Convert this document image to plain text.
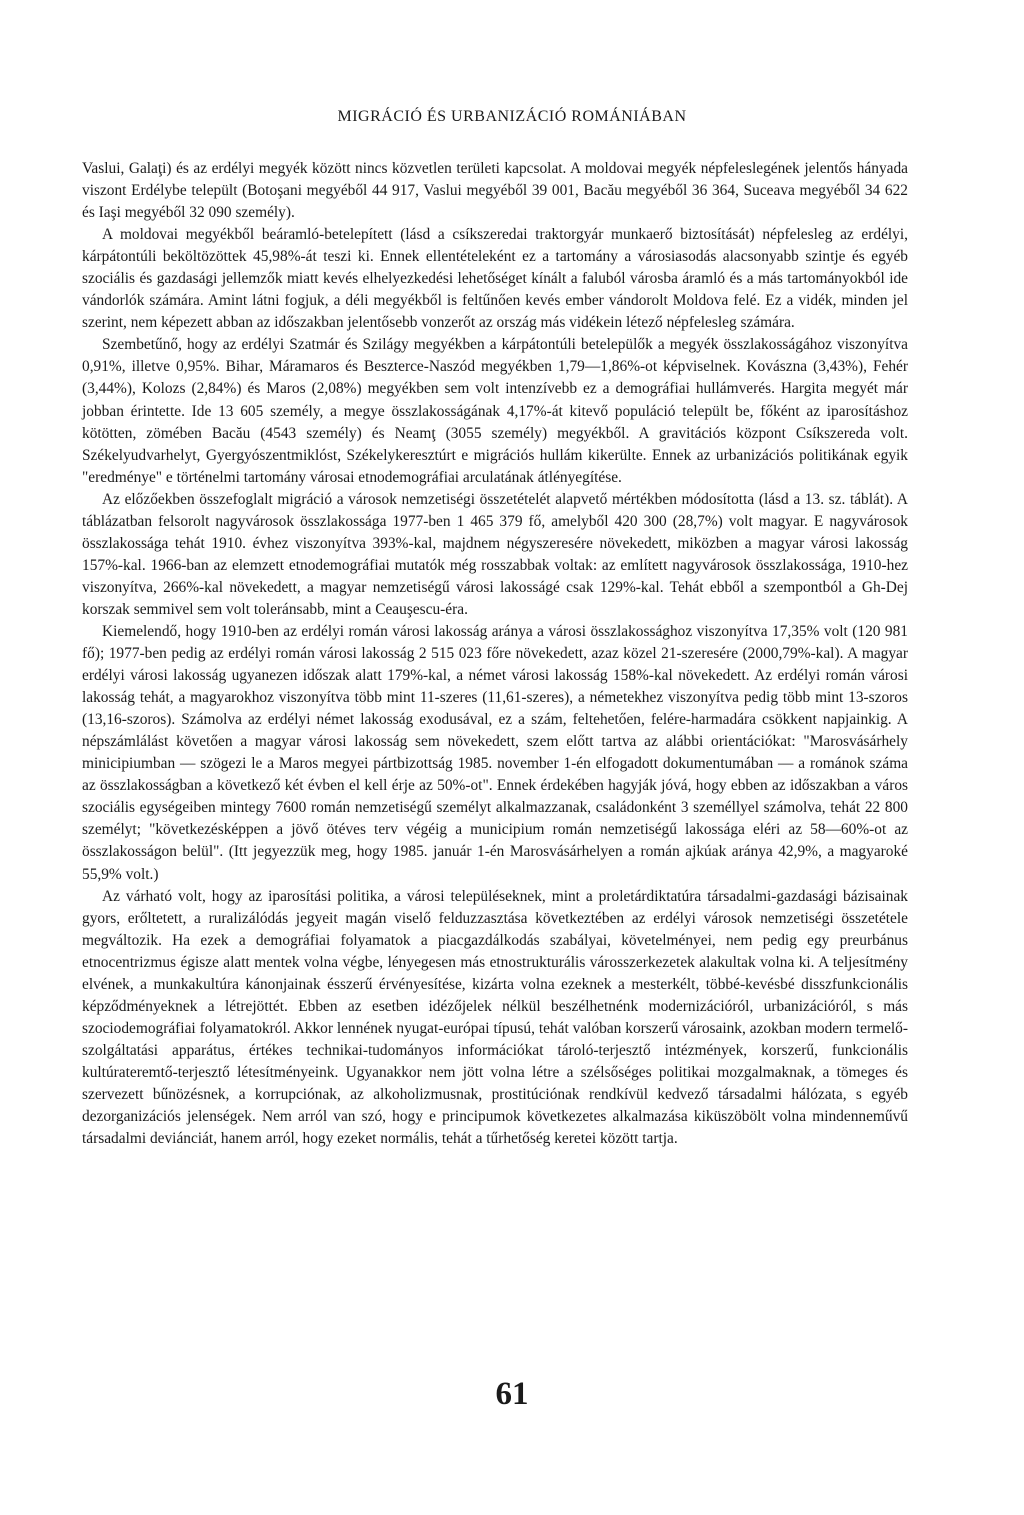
MIGRÁCIÓ ÉS URBANIZÁCIÓ ROMÁNIÁBAN

Vaslui, Galaţi) és az erdélyi megyék között nincs közvetlen területi kapcsolat. A moldovai megyék népfeleslegének jelentős hányada viszont Erdélybe települt (Botoşani megyéből 44 917, Vaslui megyéből 39 001, Bacău megyéből 36 364, Suceava megyéből 34 622 és Iaşi megyéből 32 090 személy).

A moldovai megyékből beáramló-betelepített (lásd a csíkszeredai traktorgyár munkaerő biztosítását) népfelesleg az erdélyi, kárpátontúli beköltözöttek 45,98%-át teszi ki. Ennek ellentételeként ez a tartomány a városiasodás alacsonyabb szintje és egyéb szociális és gazdasági jellemzők miatt kevés elhelyezkedési lehetőséget kínált a faluból városba áramló és a más tartományokból ide vándorlók számára. Amint látni fogjuk, a déli megyékből is feltűnően kevés ember vándorolt Moldova felé. Ez a vidék, minden jel szerint, nem képezett abban az időszakban jelentősebb vonzerőt az ország más vidékein létező népfelesleg számára.

Szembetűnő, hogy az erdélyi Szatmár és Szilágy megyékben a kárpátontúli betelepülők a megyék összlakosságához viszonyítva 0,91%, illetve 0,95%. Bihar, Máramaros és Beszterce-Naszód megyékben 1,79—1,86%-ot képviselnek. Kovászna (3,43%), Fehér (3,44%), Kolozs (2,84%) és Maros (2,08%) megyékben sem volt intenzívebb ez a demográfiai hullámverés. Hargita megyét már jobban érintette. Ide 13 605 személy, a megye összlakosságának 4,17%-át kitevő populáció települt be, főként az iparosításhoz kötötten, zömében Bacău (4543 személy) és Neamţ (3055 személy) megyékből. A gravitációs központ Csíkszereda volt. Székelyudvarhelyt, Gyergyószentmiklóst, Székelykeresztúrt e migrációs hullám kikerülte. Ennek az urbanizációs politikának egyik "eredménye" e történelmi tartomány városai etnodemográfiai arculatának átlényegítése.

Az előzőekben összefoglalt migráció a városok nemzetiségi összetételét alapvető mértékben módosította (lásd a 13. sz. táblát). A táblázatban felsorolt nagyvárosok összlakossága 1977-ben 1 465 379 fő, amelyből 420 300 (28,7%) volt magyar. E nagyvárosok összlakossága tehát 1910. évhez viszonyítva 393%-kal, majdnem négyszeresére növekedett, miközben a magyar városi lakosság 157%-kal. 1966-ban az elemzett etnodemográfiai mutatók még rosszabbak voltak: az említett nagyvárosok összlakossága, 1910-hez viszonyítva, 266%-kal növekedett, a magyar nemzetiségű városi lakosságé csak 129%-kal. Tehát ebből a szempontból a Gh-Dej korszak semmivel sem volt toleránsabb, mint a Ceauşescu-éra.

Kiemelendő, hogy 1910-ben az erdélyi román városi lakosság aránya a városi összlakossághoz viszonyítva 17,35% volt (120 981 fő); 1977-ben pedig az erdélyi román városi lakosság 2 515 023 főre növekedett, azaz közel 21-szeresére (2000,79%-kal). A magyar erdélyi városi lakosság ugyanezen időszak alatt 179%-kal, a német városi lakosság 158%-kal növekedett. Az erdélyi román városi lakosság tehát, a magyarokhoz viszonyítva több mint 11-szeres (11,61-szeres), a németekhez viszonyítva pedig több mint 13-szoros (13,16-szoros). Számolva az erdélyi német lakosság exodusával, ez a szám, feltehetően, felére-harmadára csökkent napjainkig. A népszámlálást követően a magyar városi lakosság sem növekedett, szem előtt tartva az alábbi orientációkat: "Marosvásárhely minicipiumban — szögezi le a Maros megyei pártbizottság 1985. november 1-én elfogadott dokumentumában — a románok száma az összlakosságban a következő két évben el kell érje az 50%-ot". Ennek érdekében hagyják jóvá, hogy ebben az időszakban a város szociális egységeiben mintegy 7600 román nemzetiségű személyt alkalmazzanak, családonként 3 személlyel számolva, tehát 22 800 személyt; "következésképpen a jövő ötéves terv végéig a municipium román nemzetiségű lakossága eléri az 58—60%-ot az összlakosságon belül". (Itt jegyezzük meg, hogy 1985. január 1-én Marosvásárhelyen a román ajkúak aránya 42,9%, a magyaroké 55,9% volt.)

Az várható volt, hogy az iparosítási politika, a városi településeknek, mint a proletárdiktatúra társadalmi-gazdasági bázisainak gyors, erőltetett, a ruralizálódás jegyeit magán viselő felduzzasztása következtében az erdélyi városok nemzetiségi összetétele megváltozik. Ha ezek a demográfiai folyamatok a piacgazdálkodás szabályai, követelményei, nem pedig egy preurbánus etnocentrizmus égisze alatt mentek volna végbe, lényegesen más etnostrukturális városszerkezetek alakultak volna ki. A teljesítmény elvének, a munkakultúra kánonjainak ésszerű érvényesítése, kizárta volna ezeknek a mesterkélt, többé-kevésbé disszfunkcionális képződményeknek a létrejöttét. Ebben az esetben idézőjelek nélkül beszélhetnénk modernizációról, urbanizációról, s más szociodemográfiai folyamatokról. Akkor lennének nyugat-európai típusú, tehát valóban korszerű városaink, azokban modern termelő-szolgáltatási apparátus, értékes technikai-tudományos információkat tároló-terjesztő intézmények, korszerű, funkcionális kultúrateremtő-terjesztő létesítményeink. Ugyanakkor nem jött volna létre a szélsőséges politikai mozgalmaknak, a tömeges és szervezett bűnözésnek, a korrupciónak, az alkoholizmusnak, prostitúciónak rendkívül kedvező társadalmi hálózata, s egyéb dezorganizációs jelenségek. Nem arról van szó, hogy e principumok következetes alkalmazása kiküszöbölt volna mindenneművű társadalmi deviánciát, hanem arról, hogy ezeket normális, tehát a tűrhetőség keretei között tartja.

61
